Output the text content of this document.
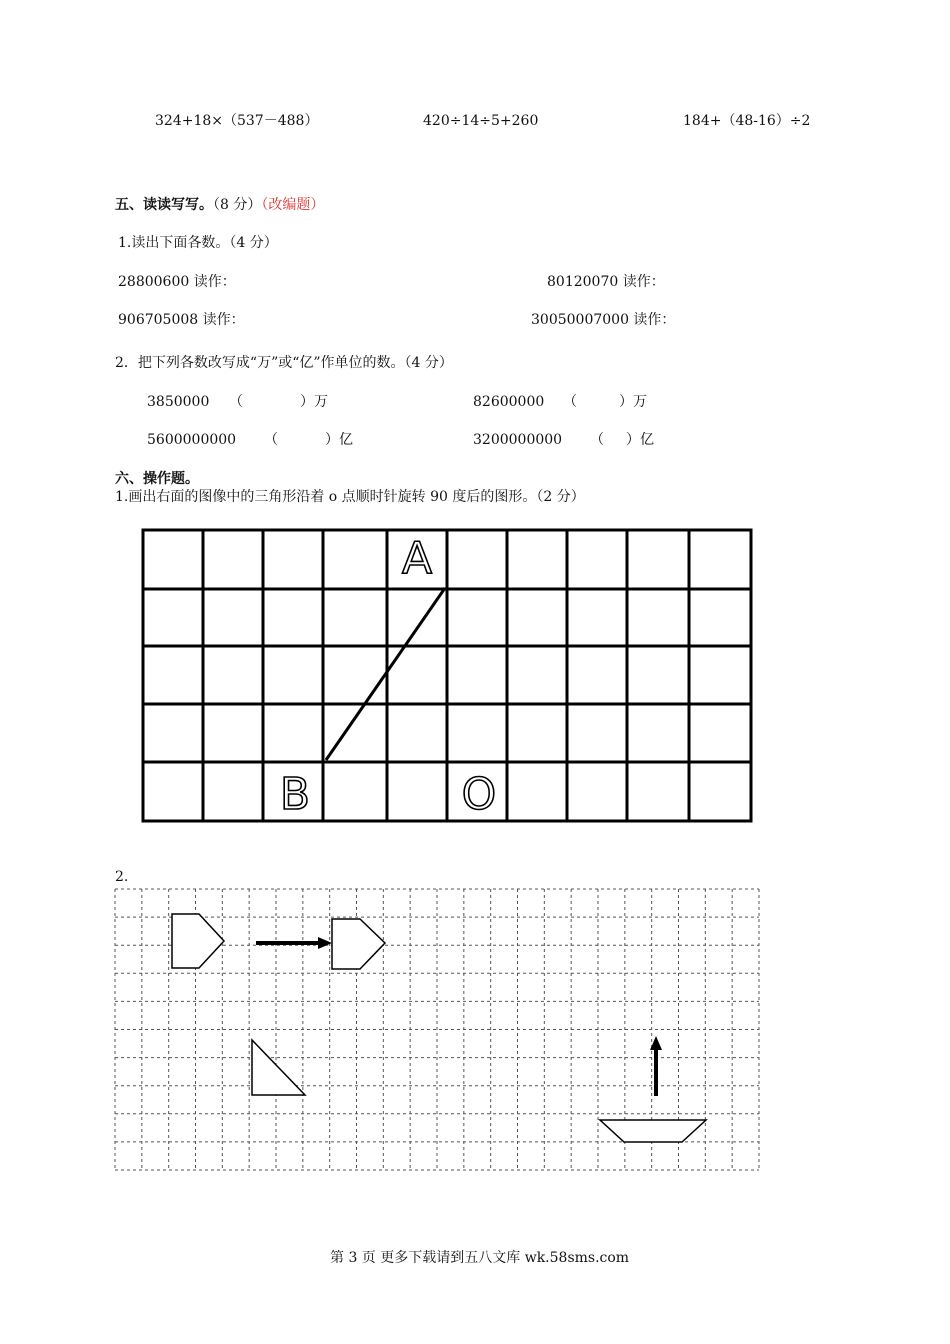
324+18×（537－488）	420÷14÷5+260	184+（48-16）÷2
五、读读写写。（8 分）（改编题）
1.读出下面各数。（4 分）
28800600 读作：	80120070 读作：
906705008 读作：	30050007000 读作：
2．把下列各数改写成“万”或“亿”作单位的数。（4 分）
3850000 （	）万	82600000 （	）万
5600000000 （	）亿	3200000000 （ ）亿
六、操作题。
1.画出右面的图像中的三角形沿着 o 点顺时针旋转 90 度后的图形。（2 分）
A
B	O
2.
第 3 页 更多下载请到五八文库 wk.58sms.com
